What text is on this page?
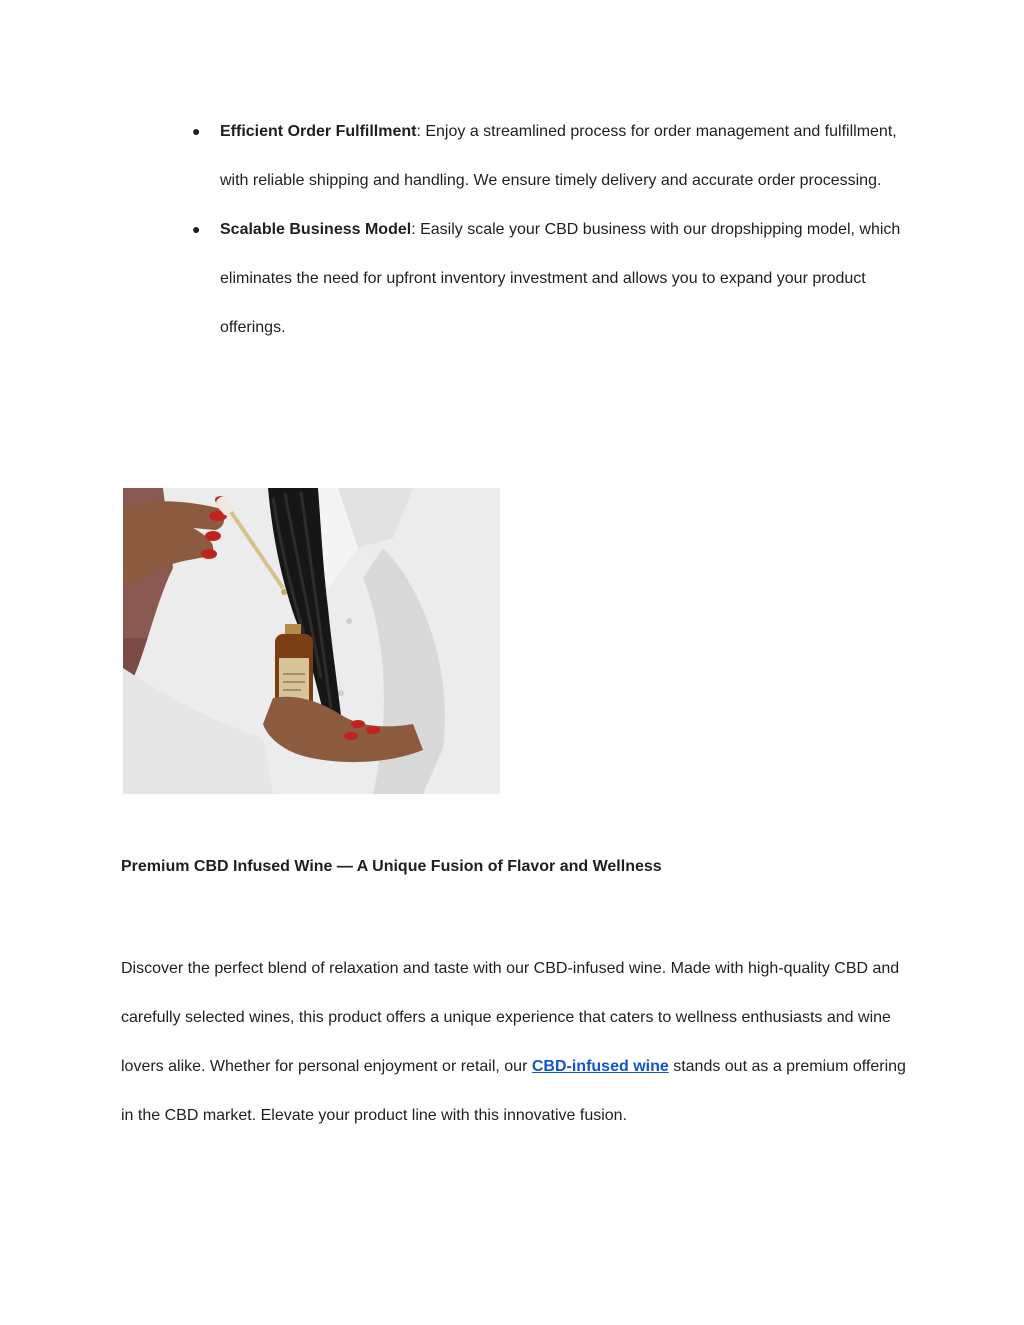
● Efficient Order Fulfillment: Enjoy a streamlined process for order management and fulfillment, with reliable shipping and handling. We ensure timely delivery and accurate order processing.
● Scalable Business Model: Easily scale your CBD business with our dropshipping model, which eliminates the need for upfront inventory investment and allows you to expand your product offerings.
Premium CBD Infused Wine — A Unique Fusion of Flavor and Wellness

Discover the perfect blend of relaxation and taste with our CBD-infused wine. Made with high-quality CBD and carefully selected wines, this product offers a unique experience that caters to wellness enthusiasts and wine lovers alike. Whether for personal enjoyment or retail, our CBD-infused wine stands out as a premium offering in the CBD market. Elevate your product line with this innovative fusion.
